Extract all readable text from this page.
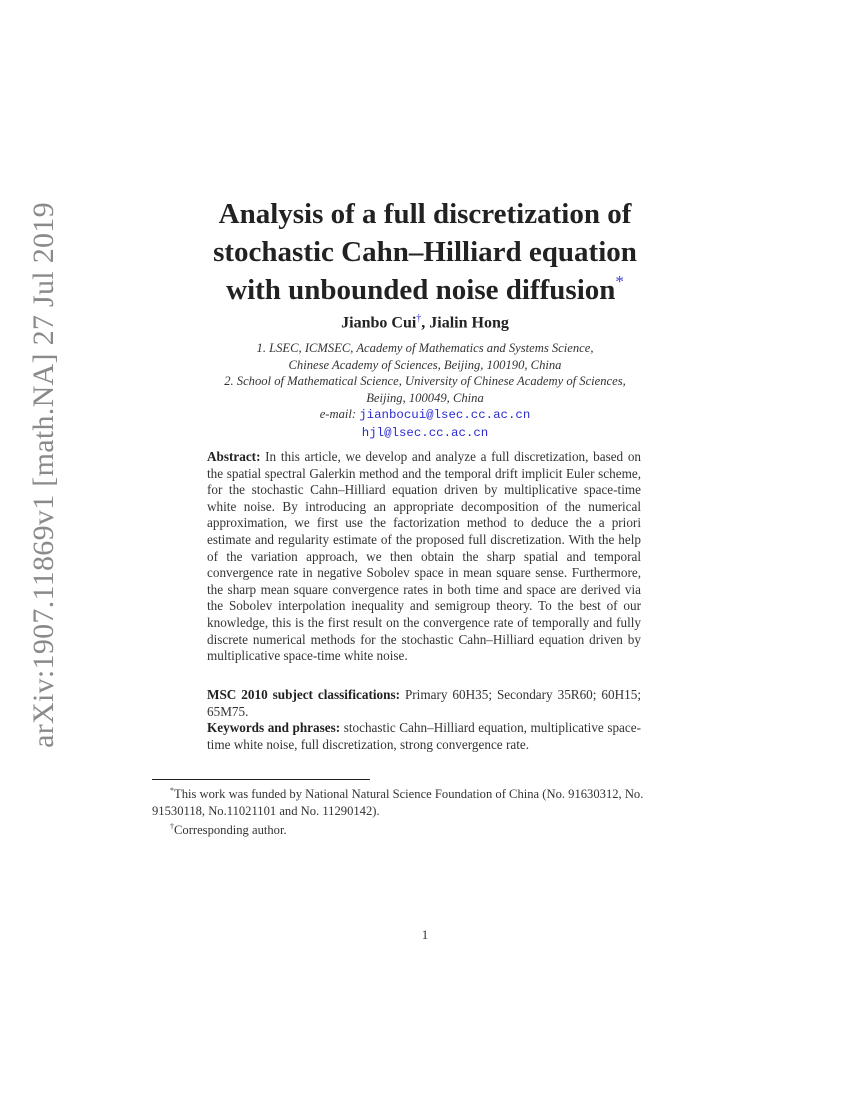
arXiv:1907.11869v1 [math.NA] 27 Jul 2019	Analysis of a full discretization of
stochastic Cahn–Hilliard equation
with unbounded noise diffusion*
Jianbo Cui†, Jialin Hong
1. LSEC, ICMSEC, Academy of Mathematics and Systems Science,
Chinese Academy of Sciences, Beijing, 100190, China
2. School of Mathematical Science, University of Chinese Academy of Sciences,
Beijing, 100049, China
e-mail: jianbocui@lsec.cc.ac.cn
hjl@lsec.cc.ac.cn
Abstract: In this article, we develop and analyze a full discretization, based on the spatial spectral Galerkin method and the temporal drift implicit Euler scheme, for the stochastic Cahn–Hilliard equation driven by multiplicative space-time white noise. By introducing an appropriate decomposition of the numerical approximation, we first use the factorization method to deduce the a priori estimate and regularity estimate of the proposed full discretization. With the help of the variation approach, we then obtain the sharp spatial and temporal convergence rate in negative Sobolev space in mean square sense. Furthermore, the sharp mean square convergence rates in both time and space are derived via the Sobolev interpolation inequality and semigroup theory. To the best of our knowledge, this is the first result on the convergence rate of temporally and fully discrete numerical methods for the stochastic Cahn–Hilliard equation driven by multiplicative space-time white noise.
MSC 2010 subject classifications: Primary 60H35; Secondary 35R60; 60H15; 65M75.
Keywords and phrases: stochastic Cahn–Hilliard equation, multiplicative space-time white noise, full discretization, strong convergence rate.

*This work was funded by National Natural Science Foundation of China (No. 91630312, No. 91530118, No.11021101 and No. 11290142).

†Corresponding author.

1
